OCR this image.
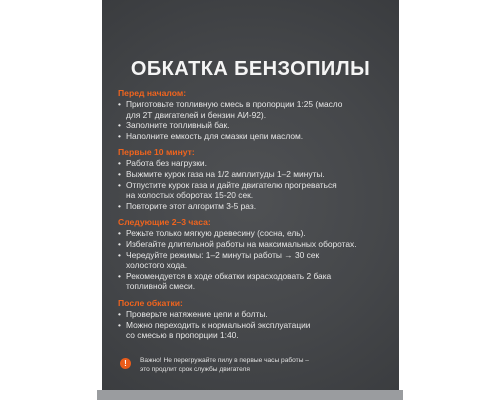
ОБКАТКА БЕНЗОПИЛЫ
Перед началом:
• Приготовьте топливную смесь в пропорции 1:25 (масло
для 2Т двигателей и бензин АИ-92).
• Заполните топливный бак.
• Наполните емкость для смазки цепи маслом.
Первые 10 минут:
• Работа без нагрузки.
• Выжмите курок газа на 1/2 амплитуды 1–2 минуты.
• Отпустите курок газа и дайте двигателю прогреваться
на холостых оборотах 15-20 сек.
• Повторите этот алгоритм 3-5 раз.
Следующие 2–3 часа:
• Режьте только мягкую древесину (сосна, ель).
• Избегайте длительной работы на максимальных оборотах.
• Чередуйте режимы: 1–2 минуты работы → 30 сек
холостого хода.
• Рекомендуется в ходе обкатки израсходовать 2 бака
топливной смеси.
После обкатки:
• Проверьте натяжение цепи и болты.
• Можно переходить к нормальной эксплуатации
со смесью в пропорции 1:40.
!	Важно! Не перегружайте пилу в первые часы работы –
это продлит срок службы двигателя
